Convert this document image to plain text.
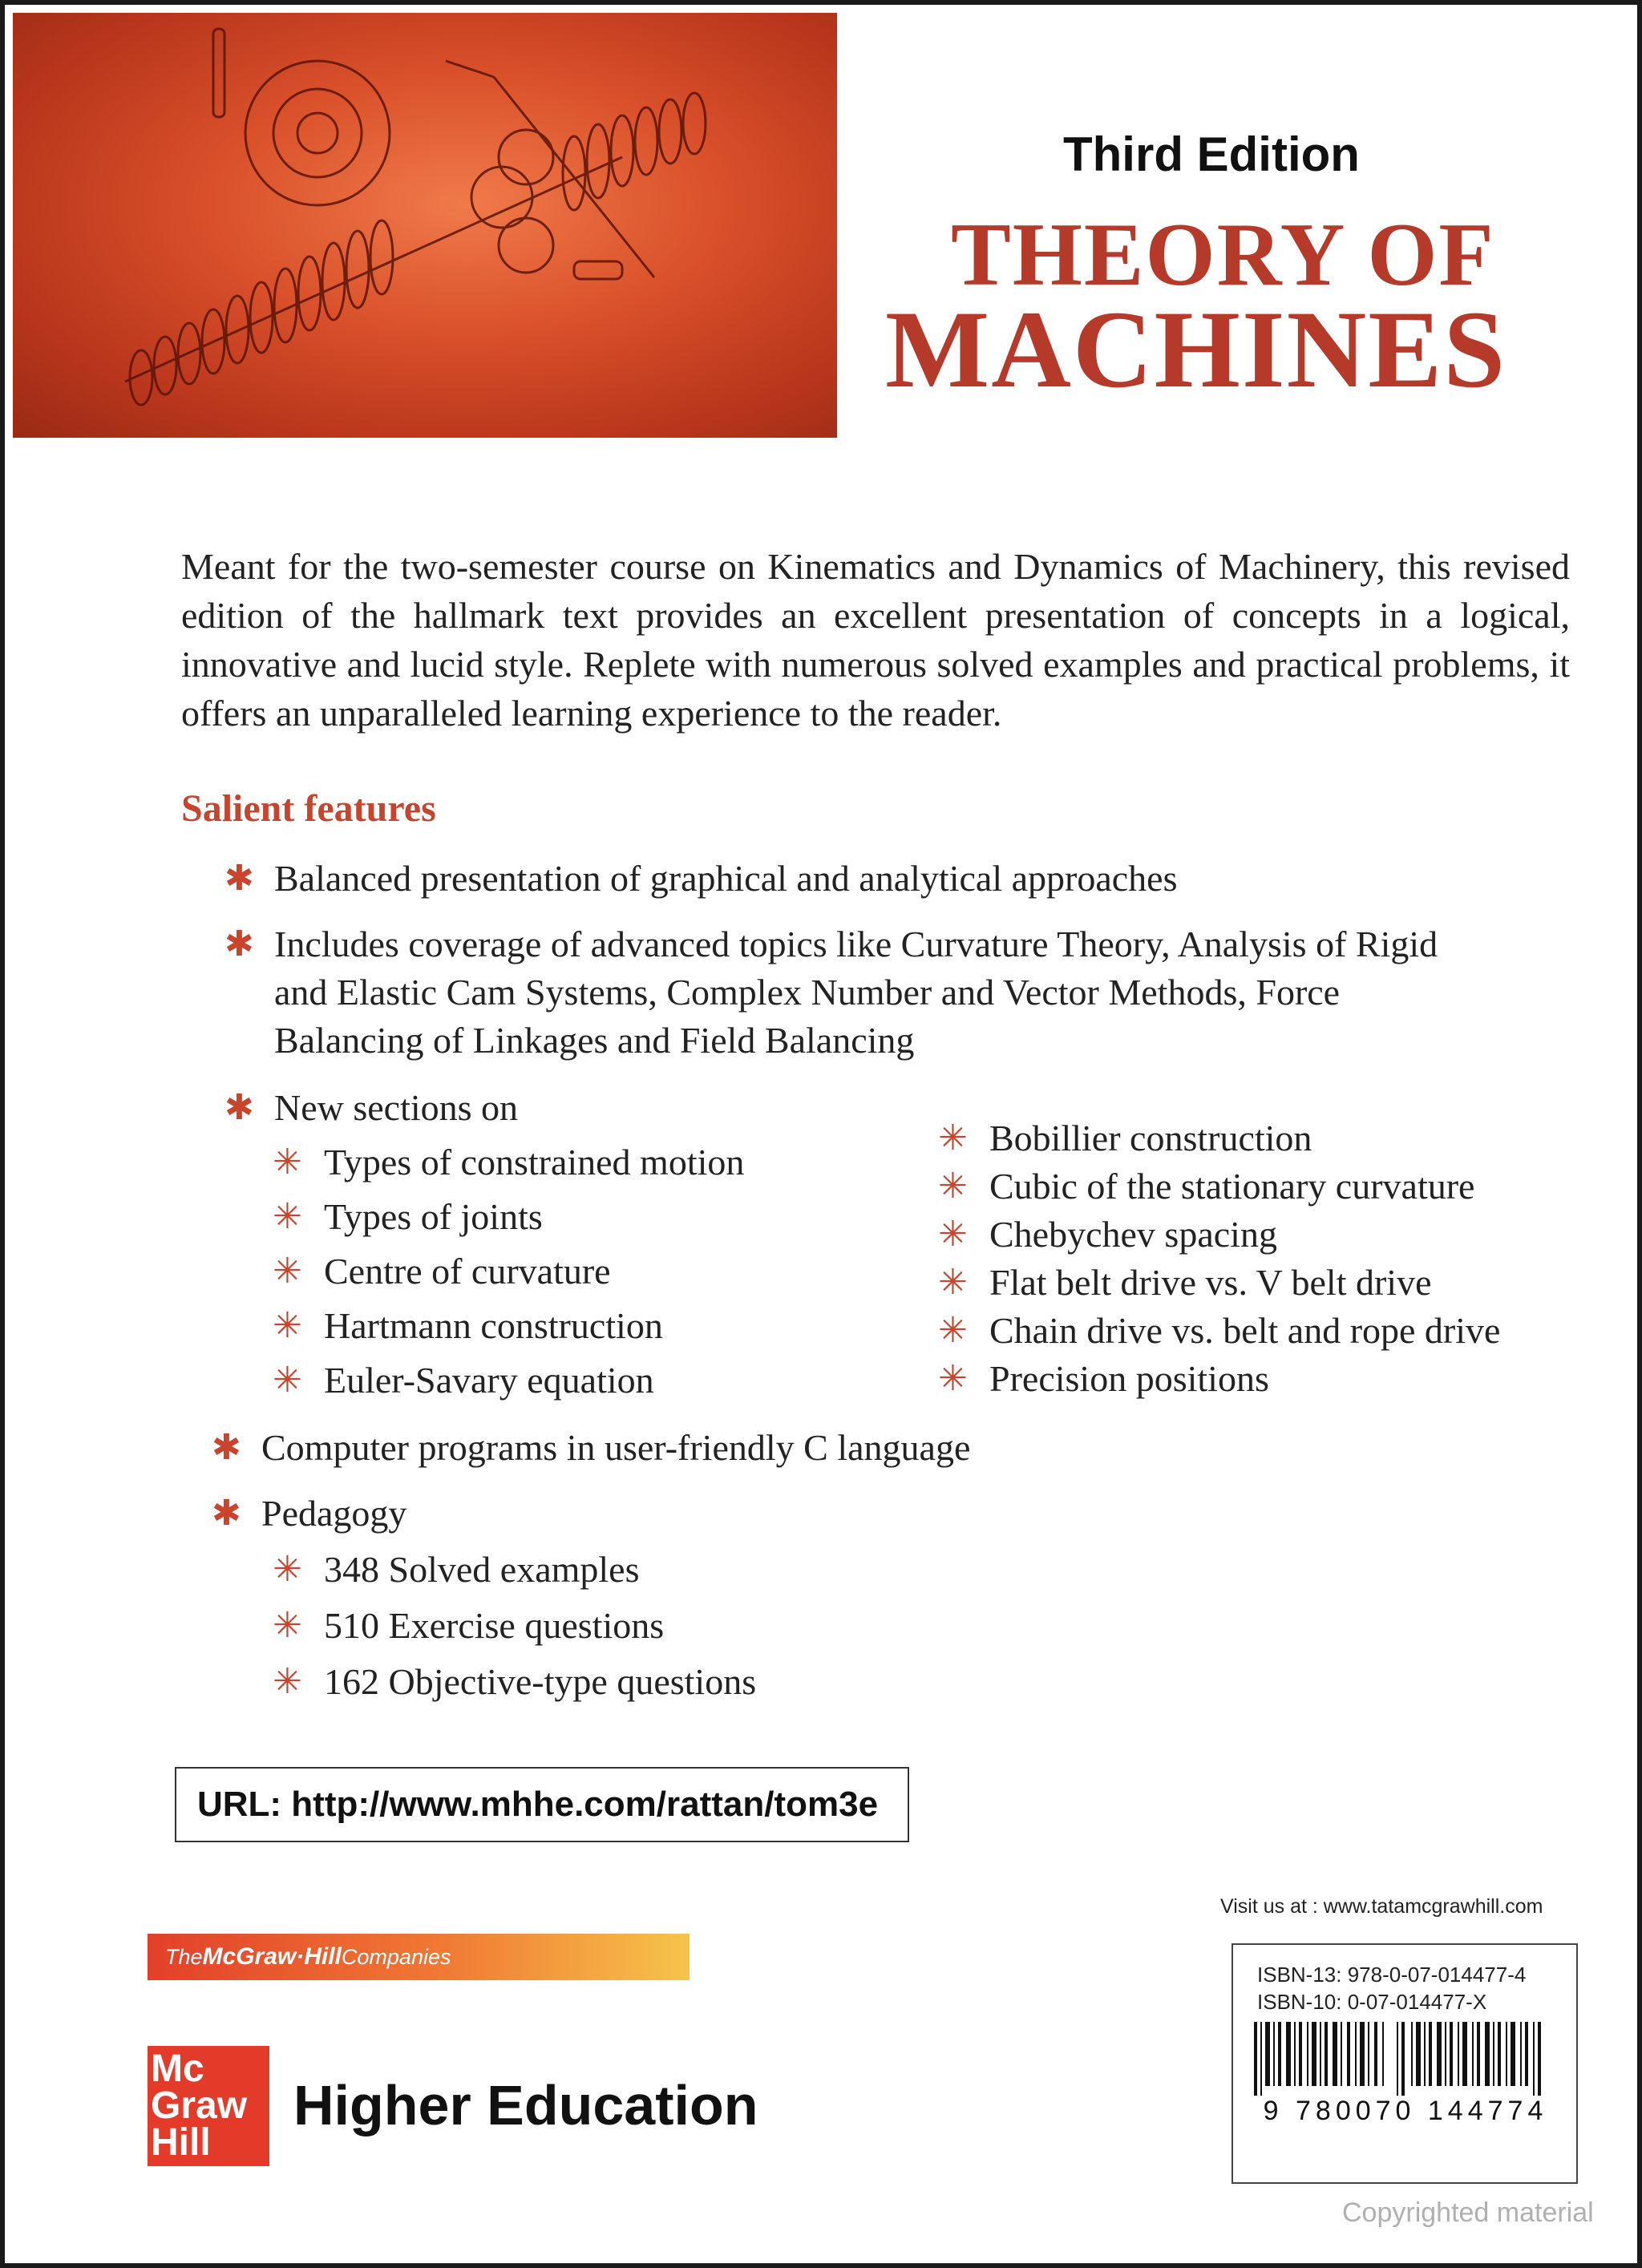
Third Edition
THEORY OF
MACHINES

Meant for the two-semester course on Kinematics and Dynamics of Machinery, this revised edition of the hallmark text provides an excellent presentation of concepts in a logical, innovative and lucid style. Replete with numerous solved examples and practical problems, it offers an unparalleled learning experience to the reader.

Salient features
✱ Balanced presentation of graphical and analytical approaches
✱ Includes coverage of advanced topics like Curvature Theory, Analysis of Rigid
and Elastic Cam Systems, Complex Number and Vector Methods, Force
Balancing of Linkages and Field Balancing
✱ New sections on
✳ Types of constrained motion
✳ Types of joints
✳ Centre of curvature
✳ Hartmann construction
✳ Euler-Savary equation
✳ Bobillier construction
✳ Cubic of the stationary curvature
✳ Chebychev spacing
✳ Flat belt drive vs. V belt drive
✳ Chain drive vs. belt and rope drive
✳ Precision positions
✱ Computer programs in user-friendly C language
✱ Pedagogy
✳ 348 Solved examples
✳ 510 Exercise questions
✳ 162 Objective-type questions
URL: http://www.mhhe.com/rattan/tom3e
The McGraw·Hill Companies
Mc
Graw
Hill
Higher Education
Visit us at : www.tatamcgrawhill.com
ISBN-13: 978-0-07-014477-4
ISBN-10: 0-07-014477-X
9 780070 144774
Copyrighted material
